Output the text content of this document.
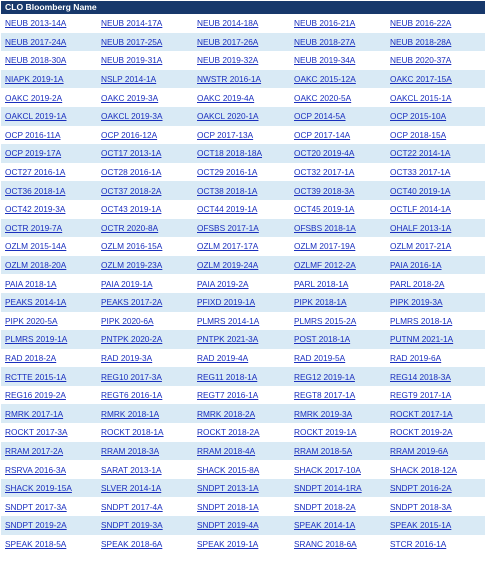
CLO Bloomberg Name
NEUB 2013-14A	NEUB 2014-17A	NEUB 2014-18A	NEUB 2016-21A	NEUB 2016-22A
NEUB 2017-24A	NEUB 2017-25A	NEUB 2017-26A	NEUB 2018-27A	NEUB 2018-28A
NEUB 2018-30A	NEUB 2019-31A	NEUB 2019-32A	NEUB 2019-34A	NEUB 2020-37A
NIAPK 2019-1A	NSLP 2014-1A	NWSTR 2016-1A	OAKC 2015-12A	OAKC 2017-15A
OAKC 2019-2A	OAKC 2019-3A	OAKC 2019-4A	OAKC 2020-5A	OAKCL 2015-1A
OAKCL 2019-1A	OAKCL 2019-3A	OAKCL 2020-1A	OCP 2014-5A	OCP 2015-10A
OCP 2016-11A	OCP 2016-12A	OCP 2017-13A	OCP 2017-14A	OCP 2018-15A
OCP 2019-17A	OCT17 2013-1A	OCT18 2018-18A	OCT20 2019-4A	OCT22 2014-1A
OCT27 2016-1A	OCT28 2016-1A	OCT29 2016-1A	OCT32 2017-1A	OCT33 2017-1A
OCT36 2018-1A	OCT37 2018-2A	OCT38 2018-1A	OCT39 2018-3A	OCT40 2019-1A
OCT42 2019-3A	OCT43 2019-1A	OCT44 2019-1A	OCT45 2019-1A	OCTLF 2014-1A
OCTR 2019-7A	OCTR 2020-8A	OFSBS 2017-1A	OFSBS 2018-1A	OHALF 2013-1A
OZLM 2015-14A	OZLM 2016-15A	OZLM 2017-17A	OZLM 2017-19A	OZLM 2017-21A
OZLM 2018-20A	OZLM 2019-23A	OZLM 2019-24A	OZLMF 2012-2A	PAIA 2016-1A
PAIA 2018-1A	PAIA 2019-1A	PAIA 2019-2A	PARL 2018-1A	PARL 2018-2A
PEAKS 2014-1A	PEAKS 2017-2A	PFIXD 2019-1A	PIPK 2018-1A	PIPK 2019-3A
PIPK 2020-5A	PIPK 2020-6A	PLMRS 2014-1A	PLMRS 2015-2A	PLMRS 2018-1A
PLMRS 2019-1A	PNTPK 2020-2A	PNTPK 2021-3A	POST 2018-1A	PUTNM 2021-1A
RAD 2018-2A	RAD 2019-3A	RAD 2019-4A	RAD 2019-5A	RAD 2019-6A
RCTTE 2015-1A	REG10 2017-3A	REG11 2018-1A	REG12 2019-1A	REG14 2018-3A
REG16 2019-2A	REGT6 2016-1A	REGT7 2016-1A	REGT8 2017-1A	REGT9 2017-1A
RMRK 2017-1A	RMRK 2018-1A	RMRK 2018-2A	RMRK 2019-3A	ROCKT 2017-1A
ROCKT 2017-3A	ROCKT 2018-1A	ROCKT 2018-2A	ROCKT 2019-1A	ROCKT 2019-2A
RRAM 2017-2A	RRAM 2018-3A	RRAM 2018-4A	RRAM 2018-5A	RRAM 2019-6A
RSRVA 2016-3A	SARAT 2013-1A	SHACK 2015-8A	SHACK 2017-10A	SHACK 2018-12A
SHACK 2019-15A	SLVER 2014-1A	SNDPT 2013-1A	SNDPT 2014-1RA	SNDPT 2016-2A
SNDPT 2017-3A	SNDPT 2017-4A	SNDPT 2018-1A	SNDPT 2018-2A	SNDPT 2018-3A
SNDPT 2019-2A	SNDPT 2019-3A	SNDPT 2019-4A	SPEAK 2014-1A	SPEAK 2015-1A
SPEAK 2018-5A	SPEAK 2018-6A	SPEAK 2019-1A	SRANC 2018-6A	STCR 2016-1A
